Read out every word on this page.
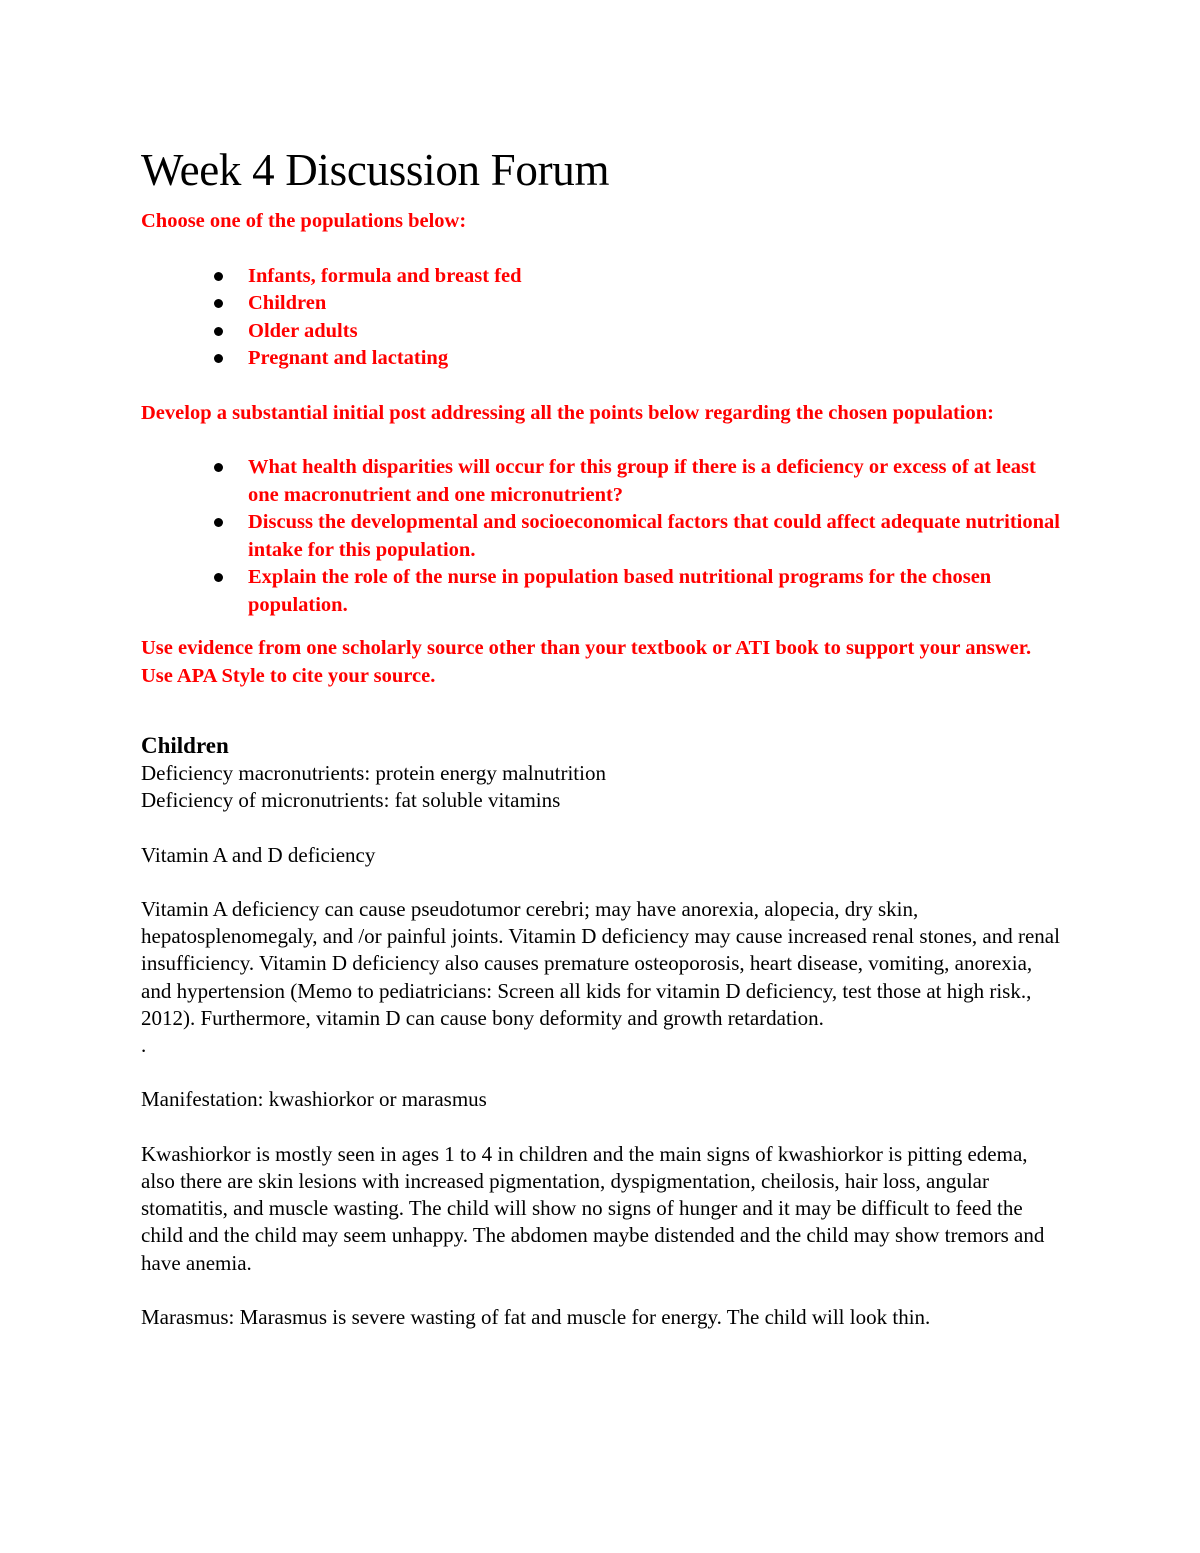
Week 4 Discussion Forum

Choose one of the populations below:

Infants, formula and breast fed
Children
Older adults
Pregnant and lactating

Develop a substantial initial post addressing all the points below regarding the chosen population:

What health disparities will occur for this group if there is a deficiency or excess of at least one macronutrient and one micronutrient?
Discuss the developmental and socioeconomical factors that could affect adequate nutritional intake for this population.
Explain the role of the nurse in population based nutritional programs for the chosen population.

Use evidence from one scholarly source other than your textbook or ATI book to support your answer. Use APA Style to cite your source.

Children

Deficiency macronutrients: protein energy malnutrition

Deficiency of micronutrients: fat soluble vitamins

Vitamin A and D deficiency

Vitamin A deficiency can cause pseudotumor cerebri; may have anorexia, alopecia, dry skin, hepatosplenomegaly, and /or painful joints. Vitamin D deficiency may cause increased renal stones, and renal insufficiency. Vitamin D deficiency also causes premature osteoporosis, heart disease, vomiting, anorexia, and hypertension (Memo to pediatricians: Screen all kids for vitamin D deficiency, test those at high risk., 2012). Furthermore, vitamin D can cause bony deformity and growth retardation.

.

Manifestation: kwashiorkor or marasmus

Kwashiorkor is mostly seen in ages 1 to 4 in children and the main signs of kwashiorkor is pitting edema, also there are skin lesions with increased pigmentation, dyspigmentation, cheilosis, hair loss, angular stomatitis, and muscle wasting. The child will show no signs of hunger and it may be difficult to feed the child and the child may seem unhappy. The abdomen maybe distended and the child may show tremors and have anemia.

Marasmus: Marasmus is severe wasting of fat and muscle for energy. The child will look thin.
